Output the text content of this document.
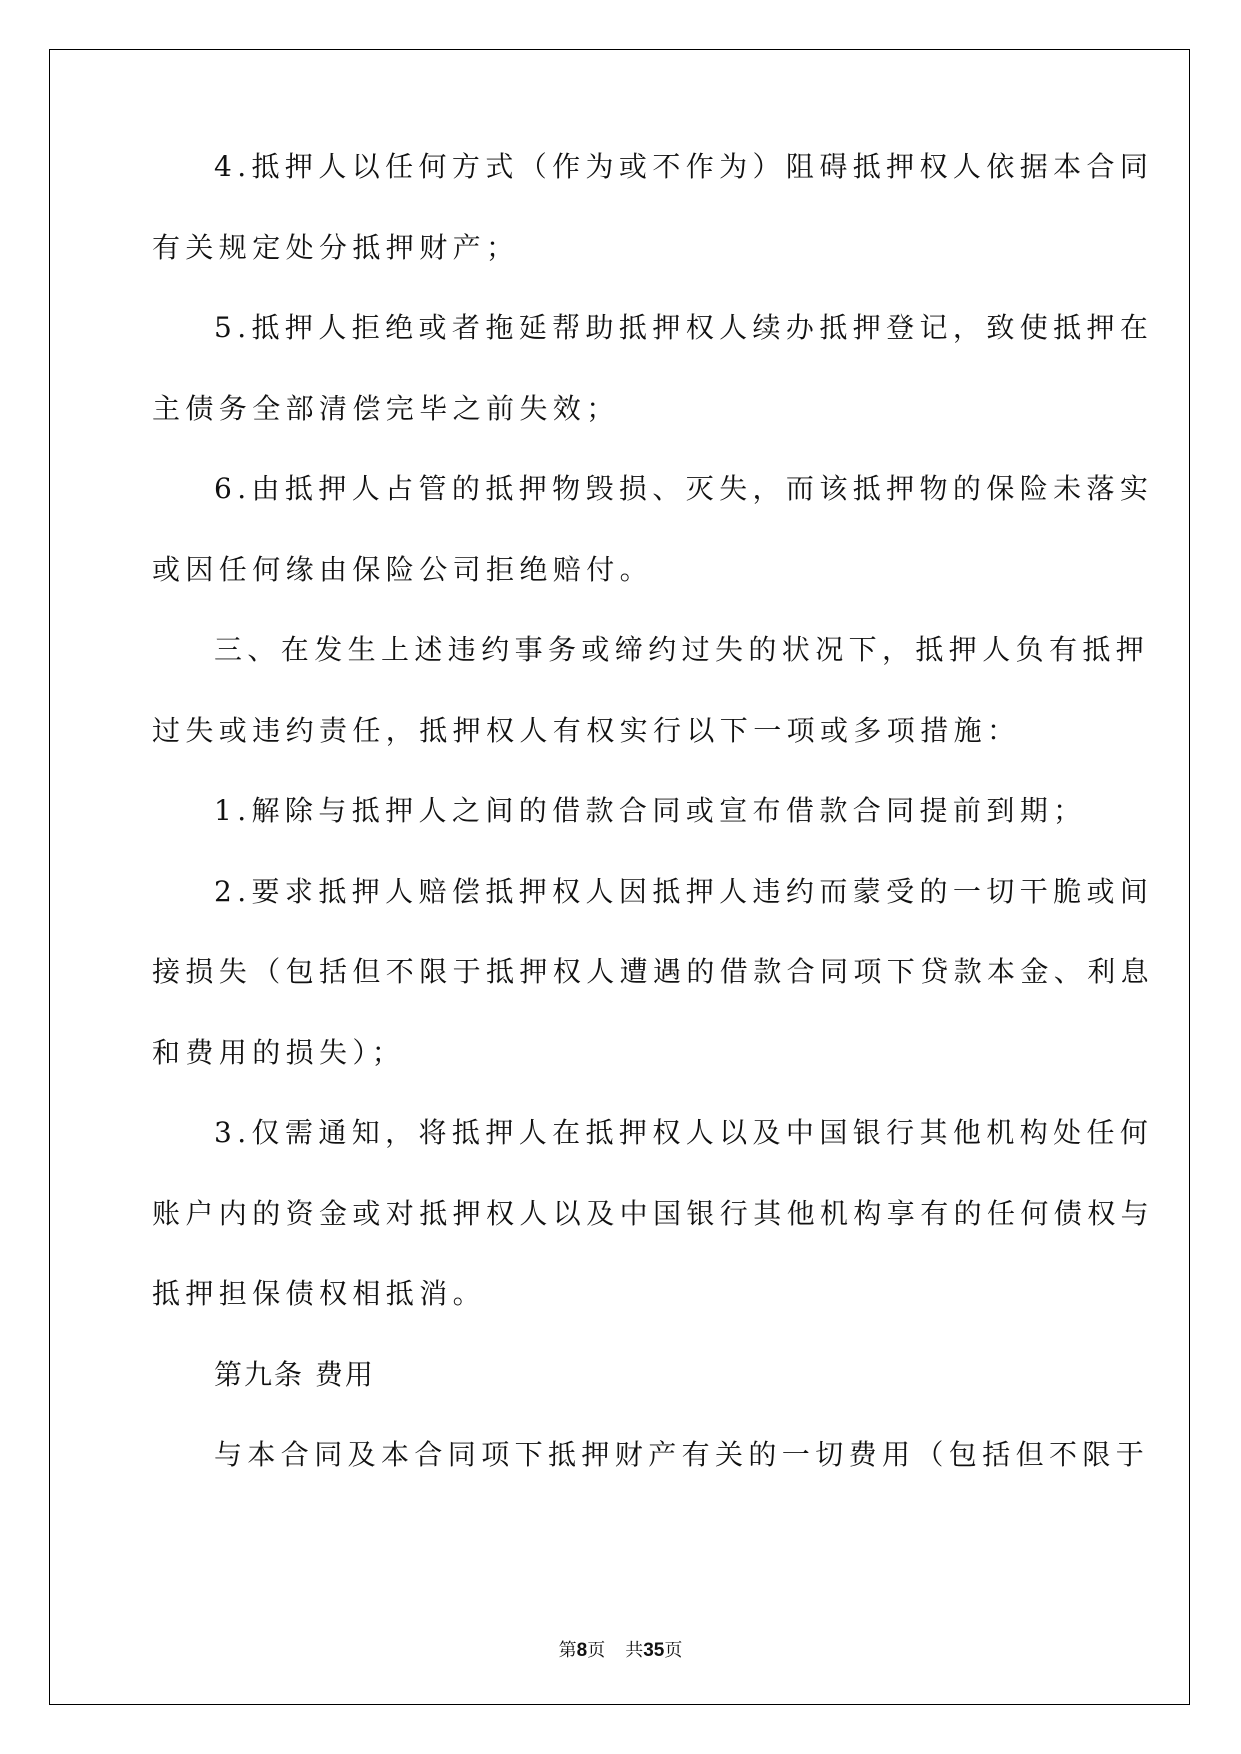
4.抵押人以任何方式（作为或不作为）阻碍抵押权人依据本合同
有关规定处分抵押财产；
5.抵押人拒绝或者拖延帮助抵押权人续办抵押登记，致使抵押在
主债务全部清偿完毕之前失效；
6.由抵押人占管的抵押物毁损、灭失，而该抵押物的保险未落实
或因任何缘由保险公司拒绝赔付。
三、在发生上述违约事务或缔约过失的状况下，抵押人负有抵押
过失或违约责任，抵押权人有权实行以下一项或多项措施：
1.解除与抵押人之间的借款合同或宣布借款合同提前到期；
2.要求抵押人赔偿抵押权人因抵押人违约而蒙受的一切干脆或间
接损失（包括但不限于抵押权人遭遇的借款合同项下贷款本金、利息
和费用的损失）；
3.仅需通知，将抵押人在抵押权人以及中国银行其他机构处任何
账户内的资金或对抵押权人以及中国银行其他机构享有的任何债权与
抵押担保债权相抵消。
第九条 费用
与本合同及本合同项下抵押财产有关的一切费用（包括但不限于
第8页 共35页
